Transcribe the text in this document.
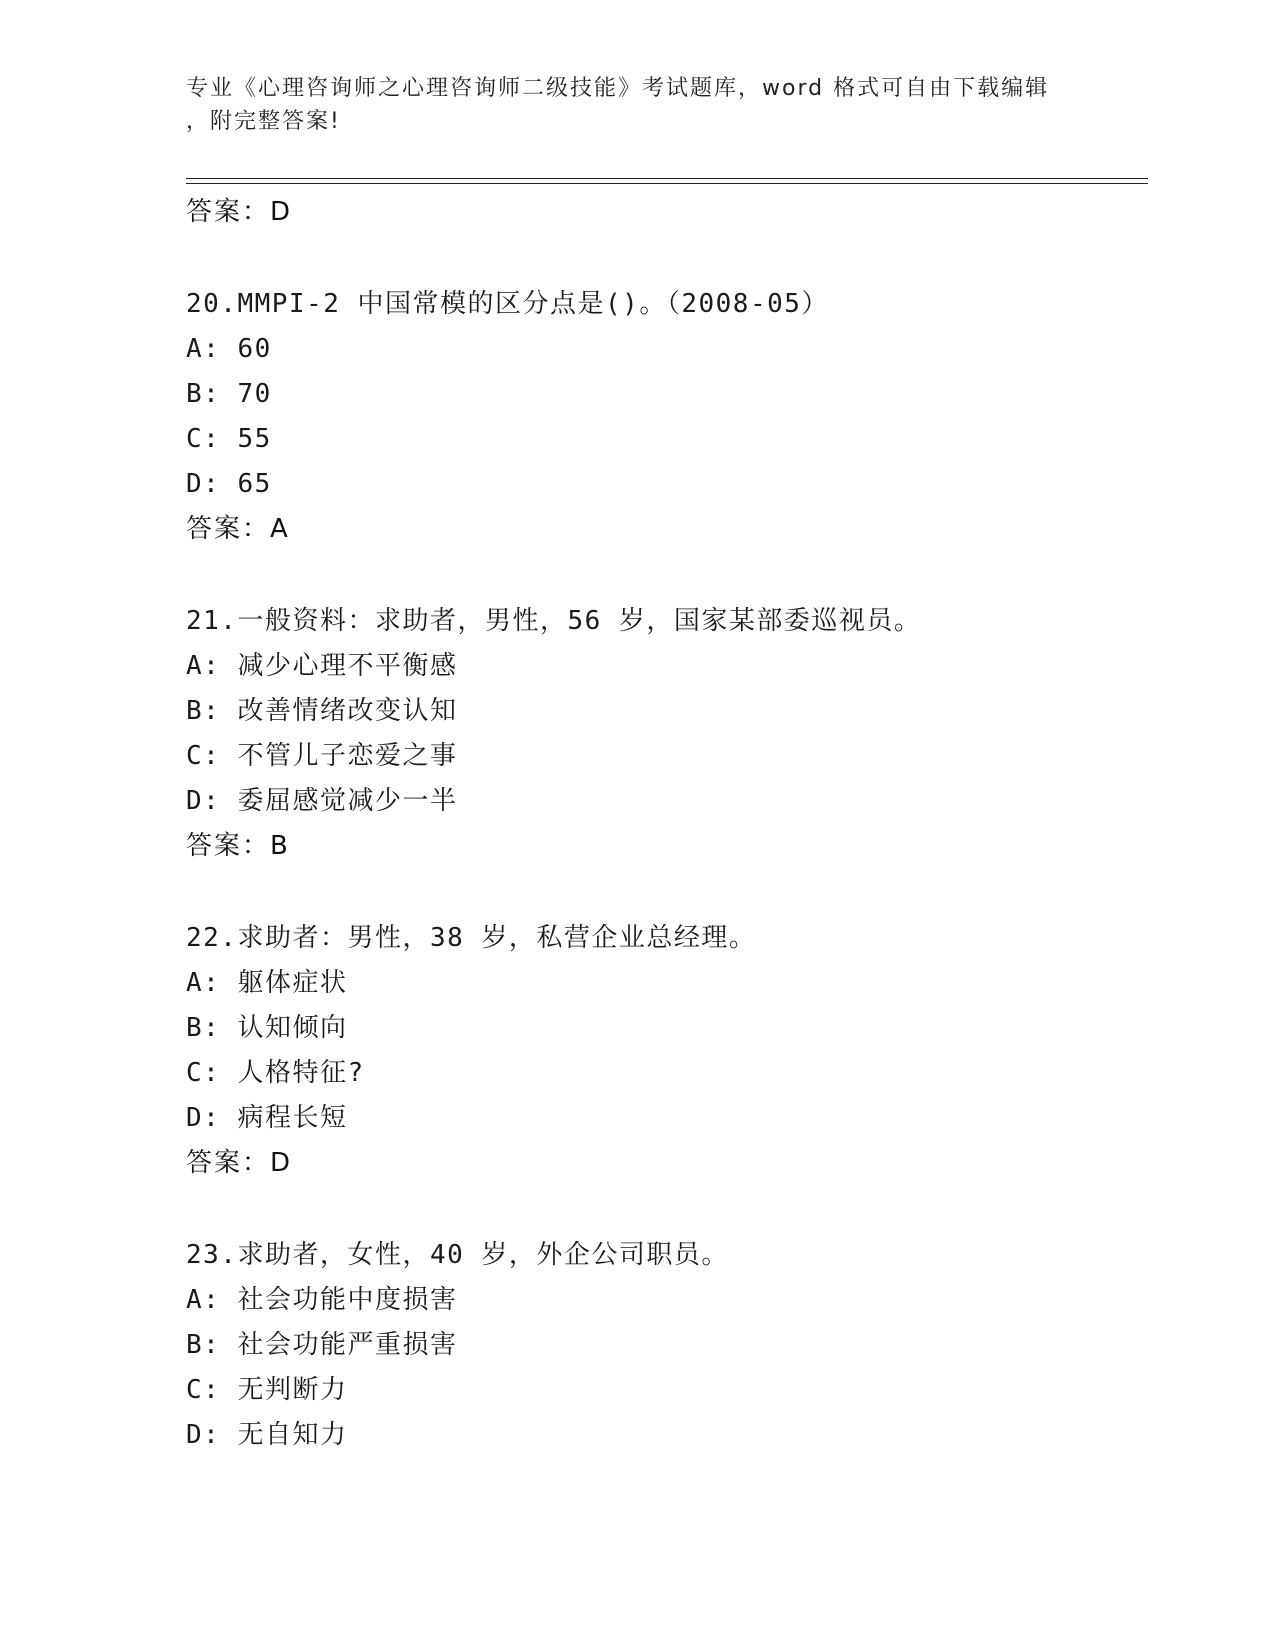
专业《心理咨询师之心理咨询师二级技能》考试题库，word 格式可自由下载编辑
，附完整答案!
答案：D
20.MMPI-2 中国常模的区分点是()。（2008-05）
A: 60
B: 70
C: 55
D: 65
答案：A
21.一般资料：求助者，男性，56 岁，国家某部委巡视员。
A: 减少心理不平衡感
B: 改善情绪改变认知
C: 不管儿子恋爱之事
D: 委屈感觉减少一半
答案：B
22.求助者：男性，38 岁，私营企业总经理。
A: 躯体症状
B: 认知倾向
C: 人格特征?
D: 病程长短
答案：D
23.求助者，女性，40 岁，外企公司职员。
A: 社会功能中度损害
B: 社会功能严重损害
C: 无判断力
D: 无自知力
